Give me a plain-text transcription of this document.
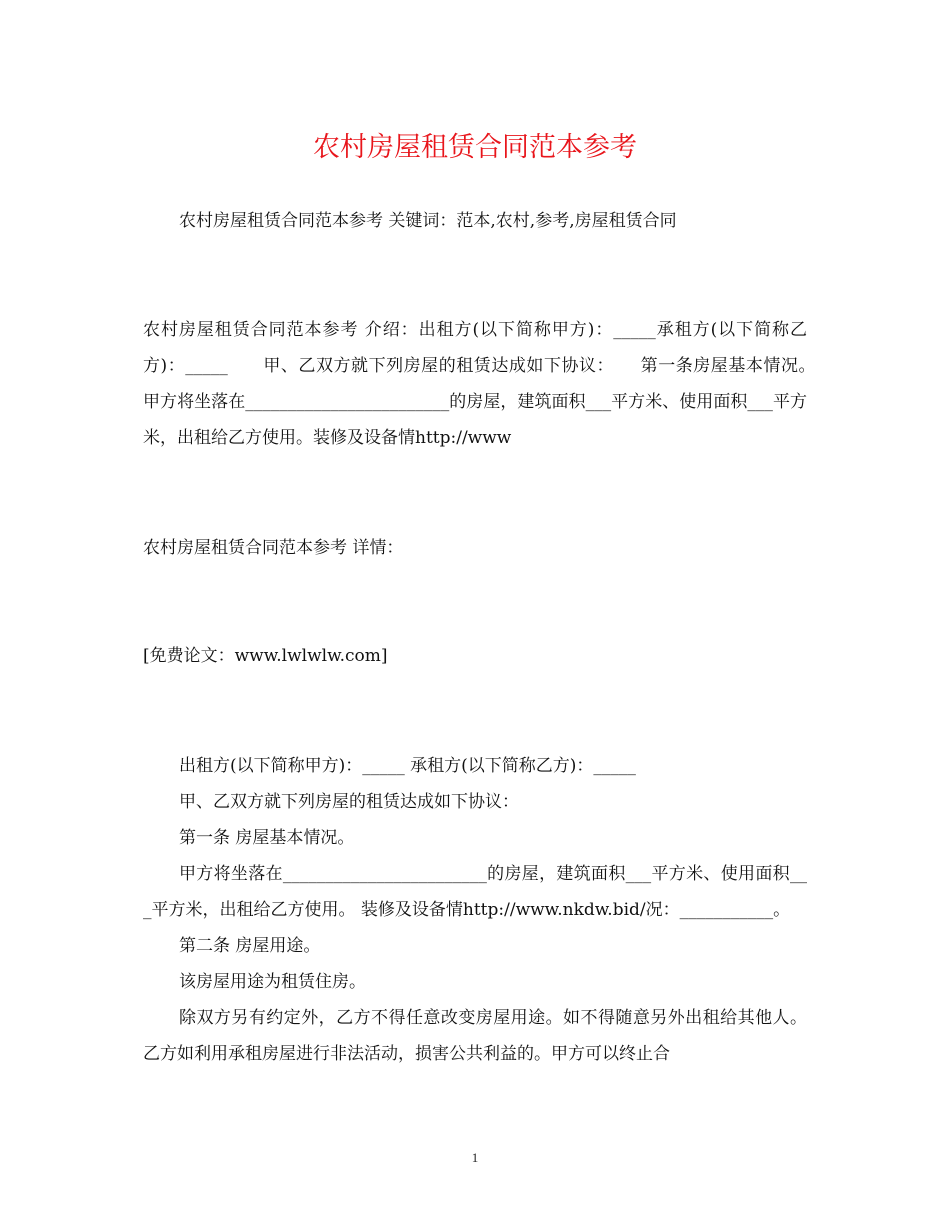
农村房屋租赁合同范本参考

农村房屋租赁合同范本参考 关键词：范本,农村,参考,房屋租赁合同

农村房屋租赁合同范本参考 介绍：出租方(以下简称甲方)：_____承租方(以下简称乙方)：_____　　甲、乙双方就下列房屋的租赁达成如下协议：　　第一条房屋基本情况。　　甲方将坐落在________________________的房屋，建筑面积___平方米、使用面积___平方米，出租给乙方使用。装修及设备情http://www

农村房屋租赁合同范本参考 详情：

[免费论文：www.lwlwlw.com]

出租方(以下简称甲方)：_____ 承租方(以下简称乙方)：_____

甲、乙双方就下列房屋的租赁达成如下协议：

第一条 房屋基本情况。

甲方将坐落在________________________的房屋，建筑面积___平方米、使用面积___平方米，出租给乙方使用。 装修及设备情http://www.nkdw.bid/况：___________。

第二条 房屋用途。

该房屋用途为租赁住房。

除双方另有约定外，乙方不得任意改变房屋用途。如不得随意另外出租给其他人。 乙方如利用承租房屋进行非法活动，损害公共利益的。甲方可以终止合

1
